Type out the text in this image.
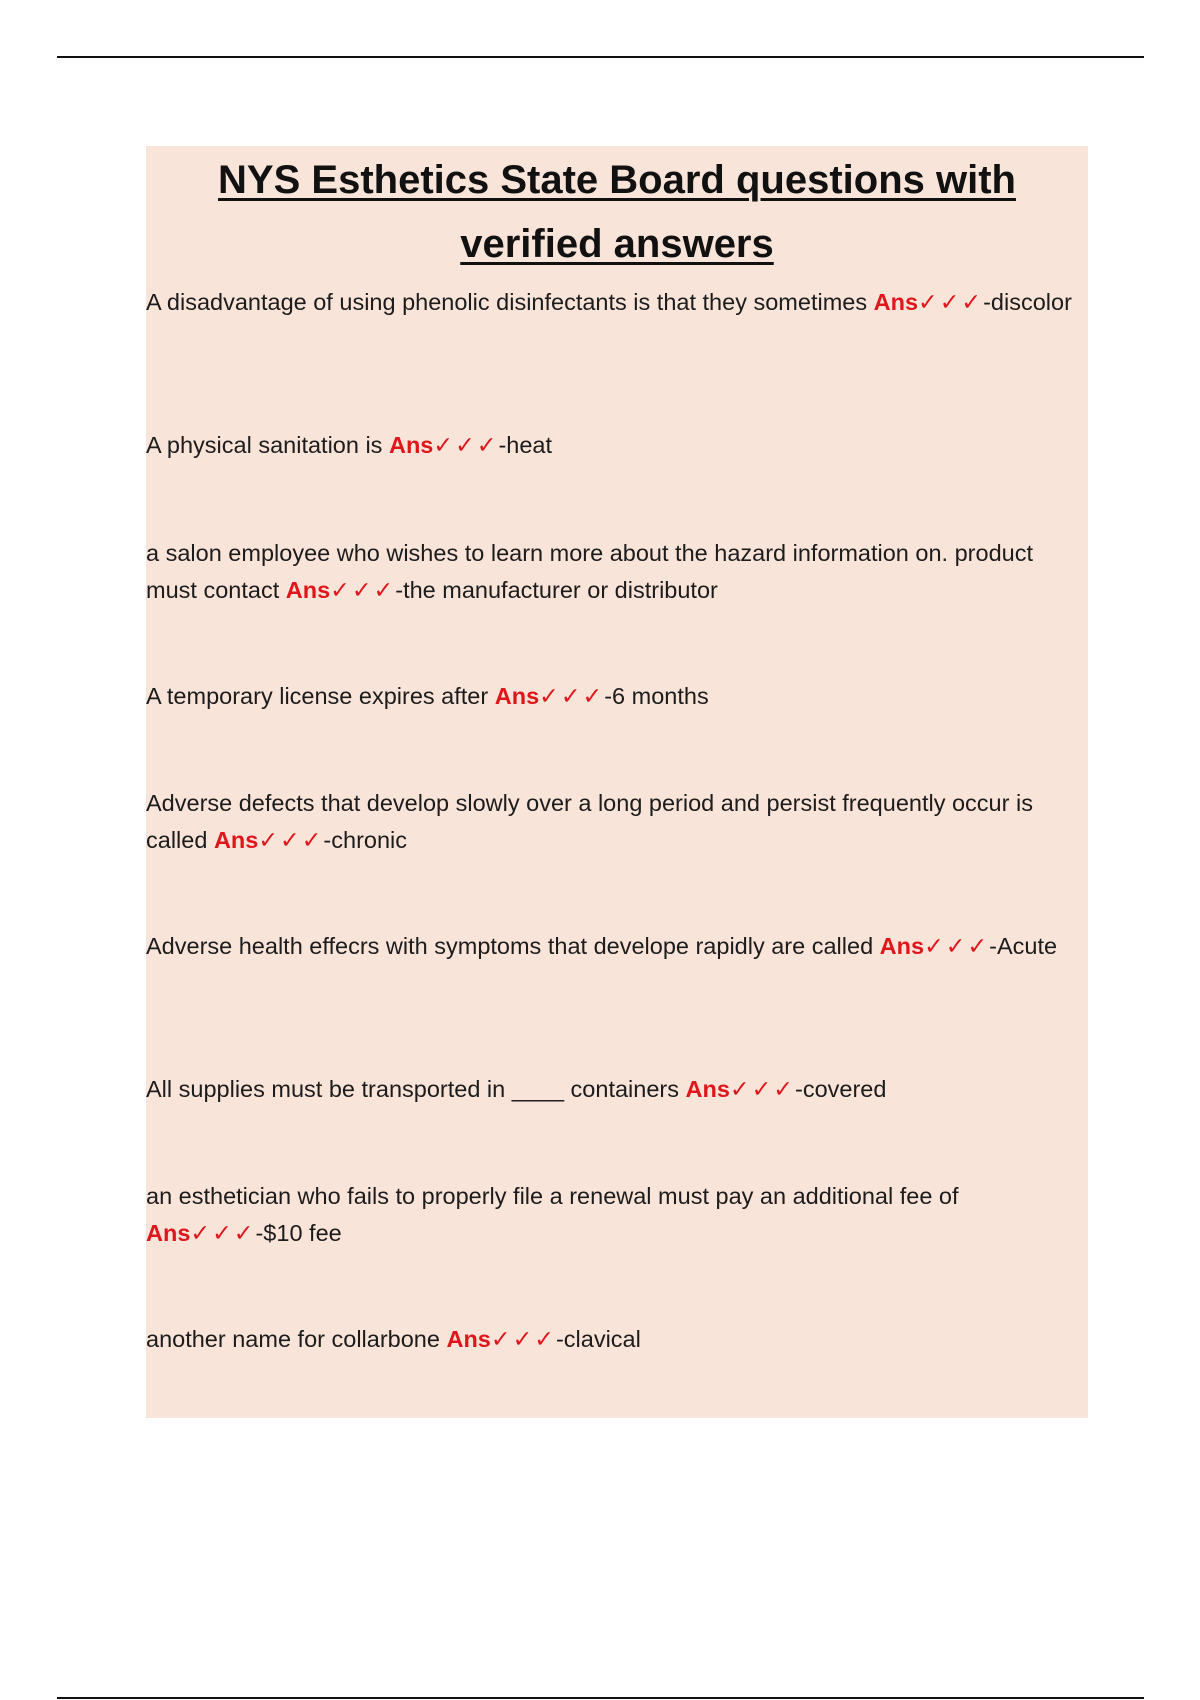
NYS Esthetics State Board questions with verified answers
A disadvantage of using phenolic disinfectants is that they sometimes Ans✓✓✓-discolor
A physical sanitation is Ans✓✓✓-heat
a salon employee who wishes to learn more about the hazard information on. product must contact Ans✓✓✓-the manufacturer or distributor
A temporary license expires after Ans✓✓✓-6 months
Adverse defects that develop slowly over a long period and persist frequently occur is called Ans✓✓✓-chronic
Adverse health effecrs with symptoms that develope rapidly are called Ans✓✓✓-Acute
All supplies must be transported in ____ containers Ans✓✓✓-covered
an esthetician who fails to properly file a renewal must pay an additional fee of Ans✓✓✓-$10 fee
another name for collarbone Ans✓✓✓-clavical
